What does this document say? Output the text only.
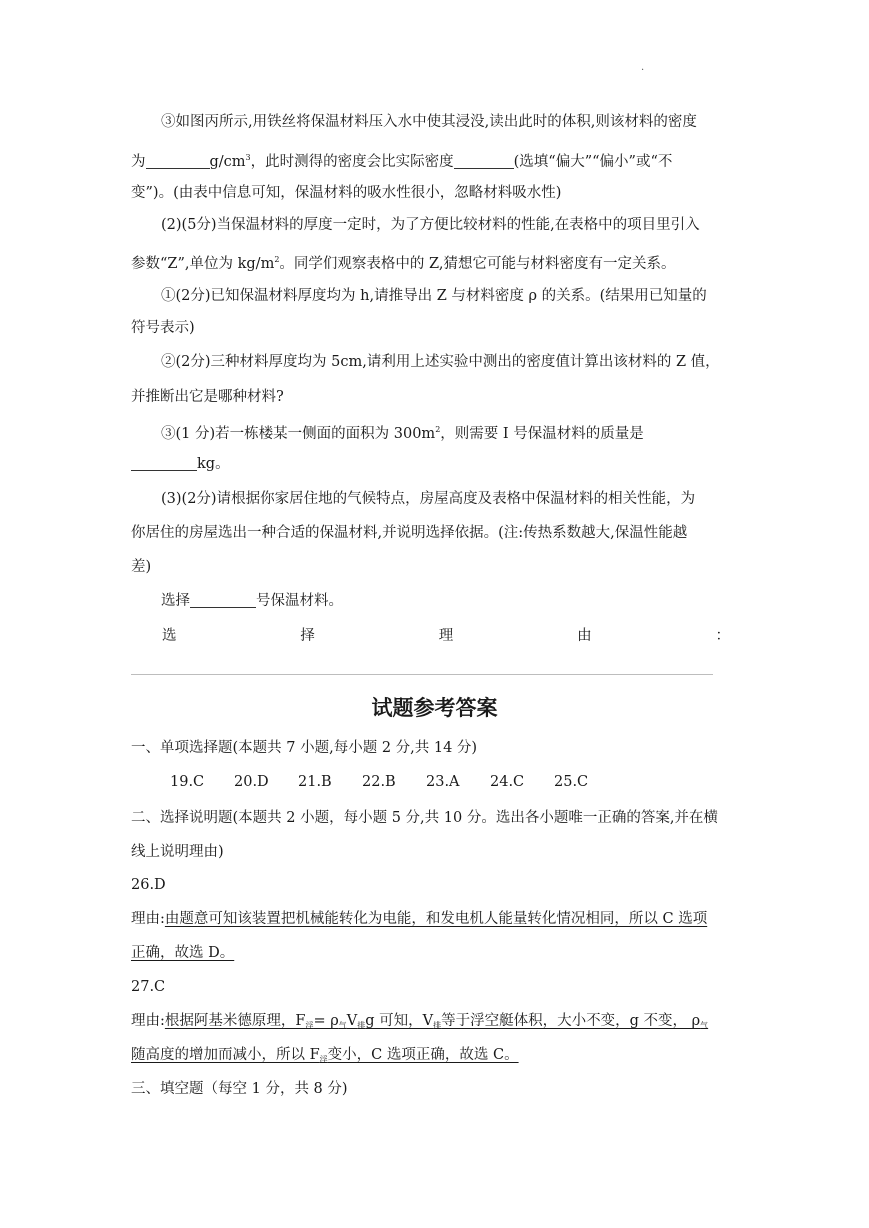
.

③如图丙所示,用铁丝将保温材料压入水中使其浸没,读出此时的体积,则该材料的密度

为	$g/cm^3$，此时测得的密度会比实际密度	(选填“偏大”“偏小”或“不

变”)。(由表中信息可知，保温材料的吸水性很小，忽略材料吸水性)

(2)(5分)当保温材料的厚度一定时，为了方便比较材料的性能,在表格中的项目里引入

参数“Z”,单位为 $kg/m^2$。同学们观察表格中的 Z,猜想它可能与材料密度有一定关系。

①(2分)已知保温材料厚度均为 h,请推导出 Z 与材料密度 ρ 的关系。(结果用已知量的

符号表示)

②(2分)三种材料厚度均为 5cm,请利用上述实验中测出的密度值计算出该材料的 Z 值，

并推断出它是哪种材料?

③(1 分)若一栋楼某一侧面的面积为 $300m^2$，则需要 I 号保温材料的质量是

kg。

(3)(2分)请根据你家居住地的气候特点，房屋高度及表格中保温材料的相关性能，为

你居住的房屋选出一种合适的保温材料,并说明选择依据。(注:传热系数越大,保温性能越

差)

选择	号保温材料。

选	择	理	由	：
试题参考答案

一、单项选择题(本题共 7 小题,每小题 2 分,共 14 分)

19.C 20.D 21.B 22.B 23.A 24.C 25.C

二、选择说明题(本题共 2 小题，每小题 5 分,共 10 分。选出各小题唯一正确的答案,并在横

线上说明理由)

26.D

理由:由题意可知该装置把机械能转化为电能，和发电机人能量转化情况相同，所以 C 选项

正确，故选 D。

27.C

理由:根据阿基米德原理，$F_浮= \rho_气V_排g$ 可知，$V_排$等于浮空艇体积，大小不变，g 不变， $\rho_气$

随高度的增加而减小，所以 $F_浮$变小，C 选项正确，故选 C。

三、填空题（每空 1 分，共 8 分)
